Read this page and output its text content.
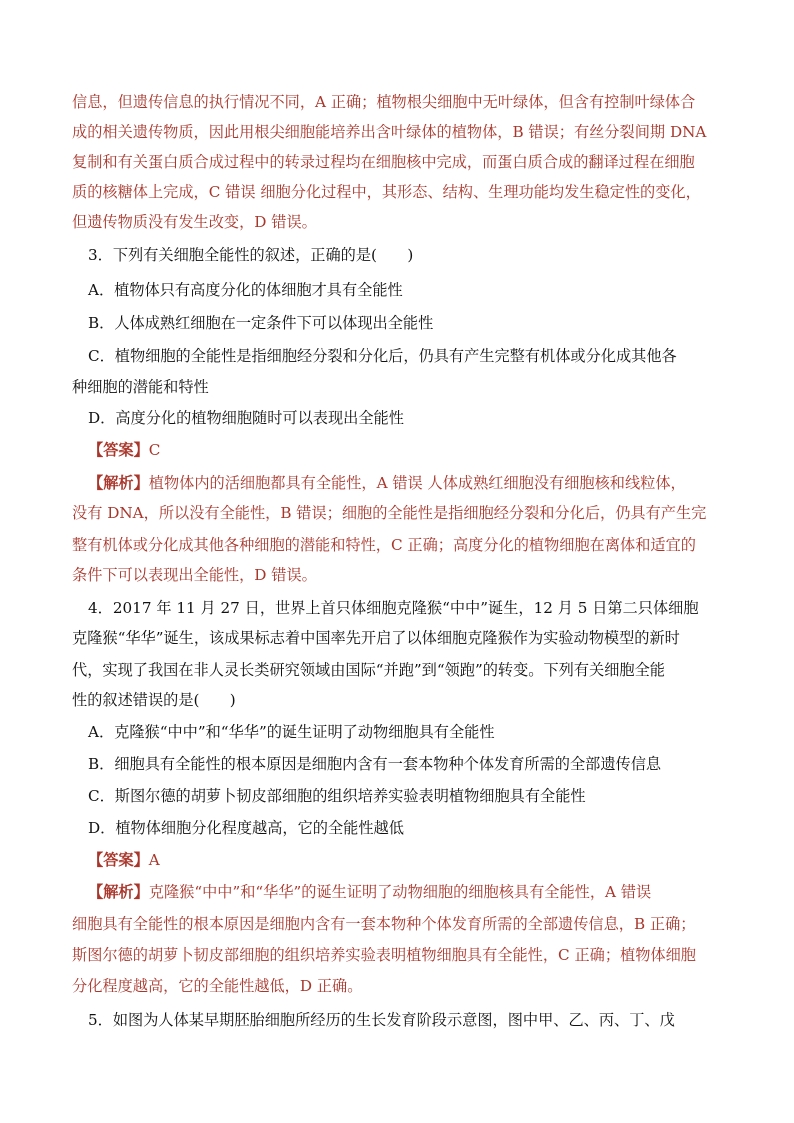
信息，但遗传信息的执行情况不同，A 正确；植物根尖细胞中无叶绿体，但含有控制叶绿体合
成的相关遗传物质，因此用根尖细胞能培养出含叶绿体的植物体，B 错误；有丝分裂间期 DNA
复制和有关蛋白质合成过程中的转录过程均在细胞核中完成，而蛋白质合成的翻译过程在细胞
质的核糖体上完成，C 错误 细胞分化过程中，其形态、结构、生理功能均发生稳定性的变化，
但遗传物质没有发生改变，D 错误。
3．下列有关细胞全能性的叙述，正确的是(　　)
A．植物体只有高度分化的体细胞才具有全能性
B．人体成熟红细胞在一定条件下可以体现出全能性
C．植物细胞的全能性是指细胞经分裂和分化后，仍具有产生完整有机体或分化成其他各
种细胞的潜能和特性
D．高度分化的植物细胞随时可以表现出全能性
【答案】C
【解析】植物体内的活细胞都具有全能性，A 错误 人体成熟红细胞没有细胞核和线粒体，
没有 DNA，所以没有全能性，B 错误；细胞的全能性是指细胞经分裂和分化后，仍具有产生完
整有机体或分化成其他各种细胞的潜能和特性，C 正确；高度分化的植物细胞在离体和适宜的
条件下可以表现出全能性，D 错误。
4．2017 年 11 月 27 日，世界上首只体细胞克隆猴“中中”诞生，12 月 5 日第二只体细胞
克隆猴“华华”诞生，该成果标志着中国率先开启了以体细胞克隆猴作为实验动物模型的新时
代，实现了我国在非人灵长类研究领域由国际“并跑”到“领跑”的转变。下列有关细胞全能
性的叙述错误的是(　　)
A．克隆猴“中中”和“华华”的诞生证明了动物细胞具有全能性
B．细胞具有全能性的根本原因是细胞内含有一套本物种个体发育所需的全部遗传信息
C．斯图尔德的胡萝卜韧皮部细胞的组织培养实验表明植物细胞具有全能性
D．植物体细胞分化程度越高，它的全能性越低
【答案】A
【解析】克隆猴“中中”和“华华”的诞生证明了动物细胞的细胞核具有全能性，A 错误
细胞具有全能性的根本原因是细胞内含有一套本物种个体发育所需的全部遗传信息，B 正确；
斯图尔德的胡萝卜韧皮部细胞的组织培养实验表明植物细胞具有全能性，C 正确；植物体细胞
分化程度越高，它的全能性越低，D 正确。
5．如图为人体某早期胚胎细胞所经历的生长发育阶段示意图，图中甲、乙、丙、丁、戊
